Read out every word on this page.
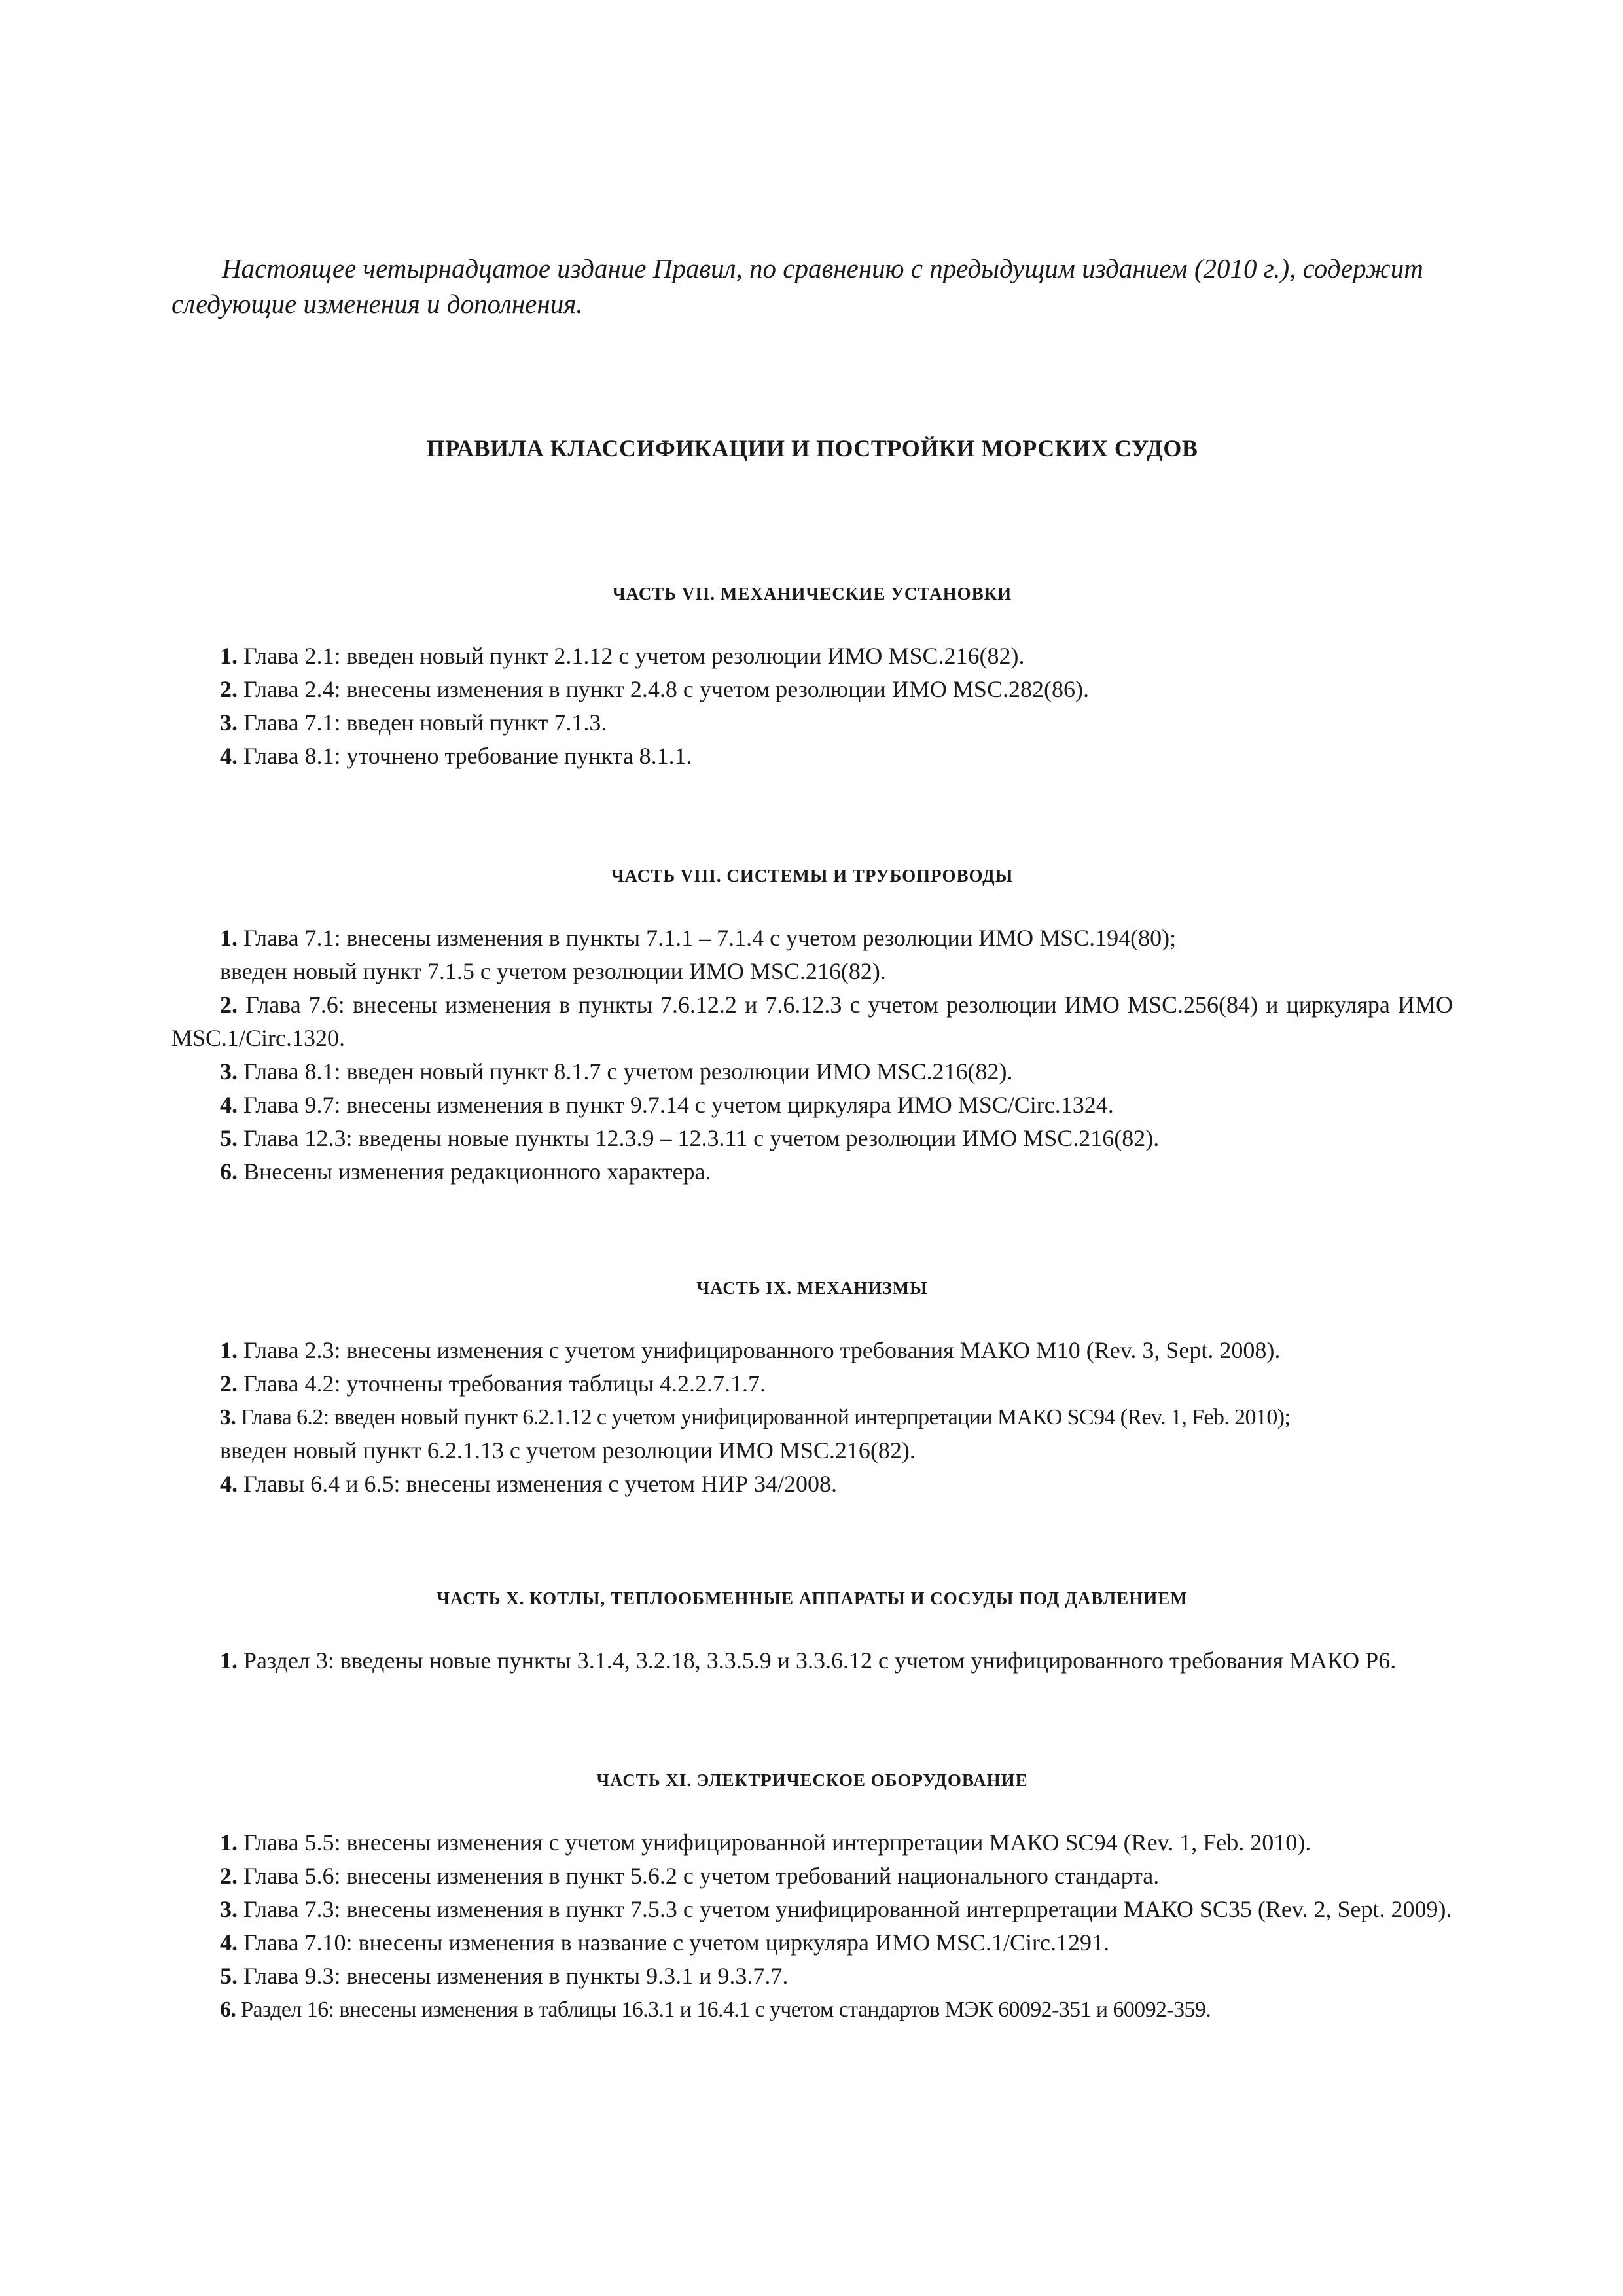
Настоящее четырнадцатое издание Правил, по сравнению с предыдущим изданием (2010 г.), содержит следующие изменения и дополнения.

ПРАВИЛА КЛАССИФИКАЦИИ И ПОСТРОЙКИ МОРСКИХ СУДОВ
ЧАСТЬ VII. МЕХАНИЧЕСКИЕ УСТАНОВКИ

1. Глава 2.1: введен новый пункт 2.1.12 с учетом резолюции ИМО MSC.216(82).

2. Глава 2.4: внесены изменения в пункт 2.4.8 с учетом резолюции ИМО MSC.282(86).

3. Глава 7.1: введен новый пункт 7.1.3.

4. Глава 8.1: уточнено требование пункта 8.1.1.

ЧАСТЬ VIII. СИСТЕМЫ И ТРУБОПРОВОДЫ

1. Глава 7.1: внесены изменения в пункты 7.1.1 – 7.1.4 с учетом резолюции ИМО MSC.194(80);

введен новый пункт 7.1.5 с учетом резолюции ИМО MSC.216(82).

2. Глава 7.6: внесены изменения в пункты 7.6.12.2 и 7.6.12.3 с учетом резолюции ИМО MSC.256(84) и циркуляра ИМО MSC.1/Circ.1320.

3. Глава 8.1: введен новый пункт 8.1.7 с учетом резолюции ИМО MSC.216(82).

4. Глава 9.7: внесены изменения в пункт 9.7.14 с учетом циркуляра ИМО MSC/Circ.1324.

5. Глава 12.3: введены новые пункты 12.3.9 – 12.3.11 с учетом резолюции ИМО MSC.216(82).

6. Внесены изменения редакционного характера.

ЧАСТЬ IX. МЕХАНИЗМЫ

1. Глава 2.3: внесены изменения с учетом унифицированного требования МАКО M10 (Rev. 3, Sept. 2008).

2. Глава 4.2: уточнены требования таблицы 4.2.2.7.1.7.

3. Глава 6.2: введен новый пункт 6.2.1.12 с учетом унифицированной интерпретации МАКО SC94 (Rev. 1, Feb. 2010);

введен новый пункт 6.2.1.13 с учетом резолюции ИМО MSC.216(82).

4. Главы 6.4 и 6.5: внесены изменения с учетом НИР 34/2008.

ЧАСТЬ X. КОТЛЫ, ТЕПЛООБМЕННЫЕ АППАРАТЫ И СОСУДЫ ПОД ДАВЛЕНИЕМ

1. Раздел 3: введены новые пункты 3.1.4, 3.2.18, 3.3.5.9 и 3.3.6.12 с учетом унифицированного требования МАКО P6.

ЧАСТЬ XI. ЭЛЕКТРИЧЕСКОЕ ОБОРУДОВАНИЕ

1. Глава 5.5: внесены изменения с учетом унифицированной интерпретации МАКО SC94 (Rev. 1, Feb. 2010).

2. Глава 5.6: внесены изменения в пункт 5.6.2 с учетом требований национального стандарта.

3. Глава 7.3: внесены изменения в пункт 7.5.3 с учетом унифицированной интерпретации МАКО SC35 (Rev. 2, Sept. 2009).

4. Глава 7.10: внесены изменения в название с учетом циркуляра ИМО MSC.1/Circ.1291.

5. Глава 9.3: внесены изменения в пункты 9.3.1 и 9.3.7.7.

6. Раздел 16: внесены изменения в таблицы 16.3.1 и 16.4.1 с учетом стандартов МЭК 60092-351 и 60092-359.
